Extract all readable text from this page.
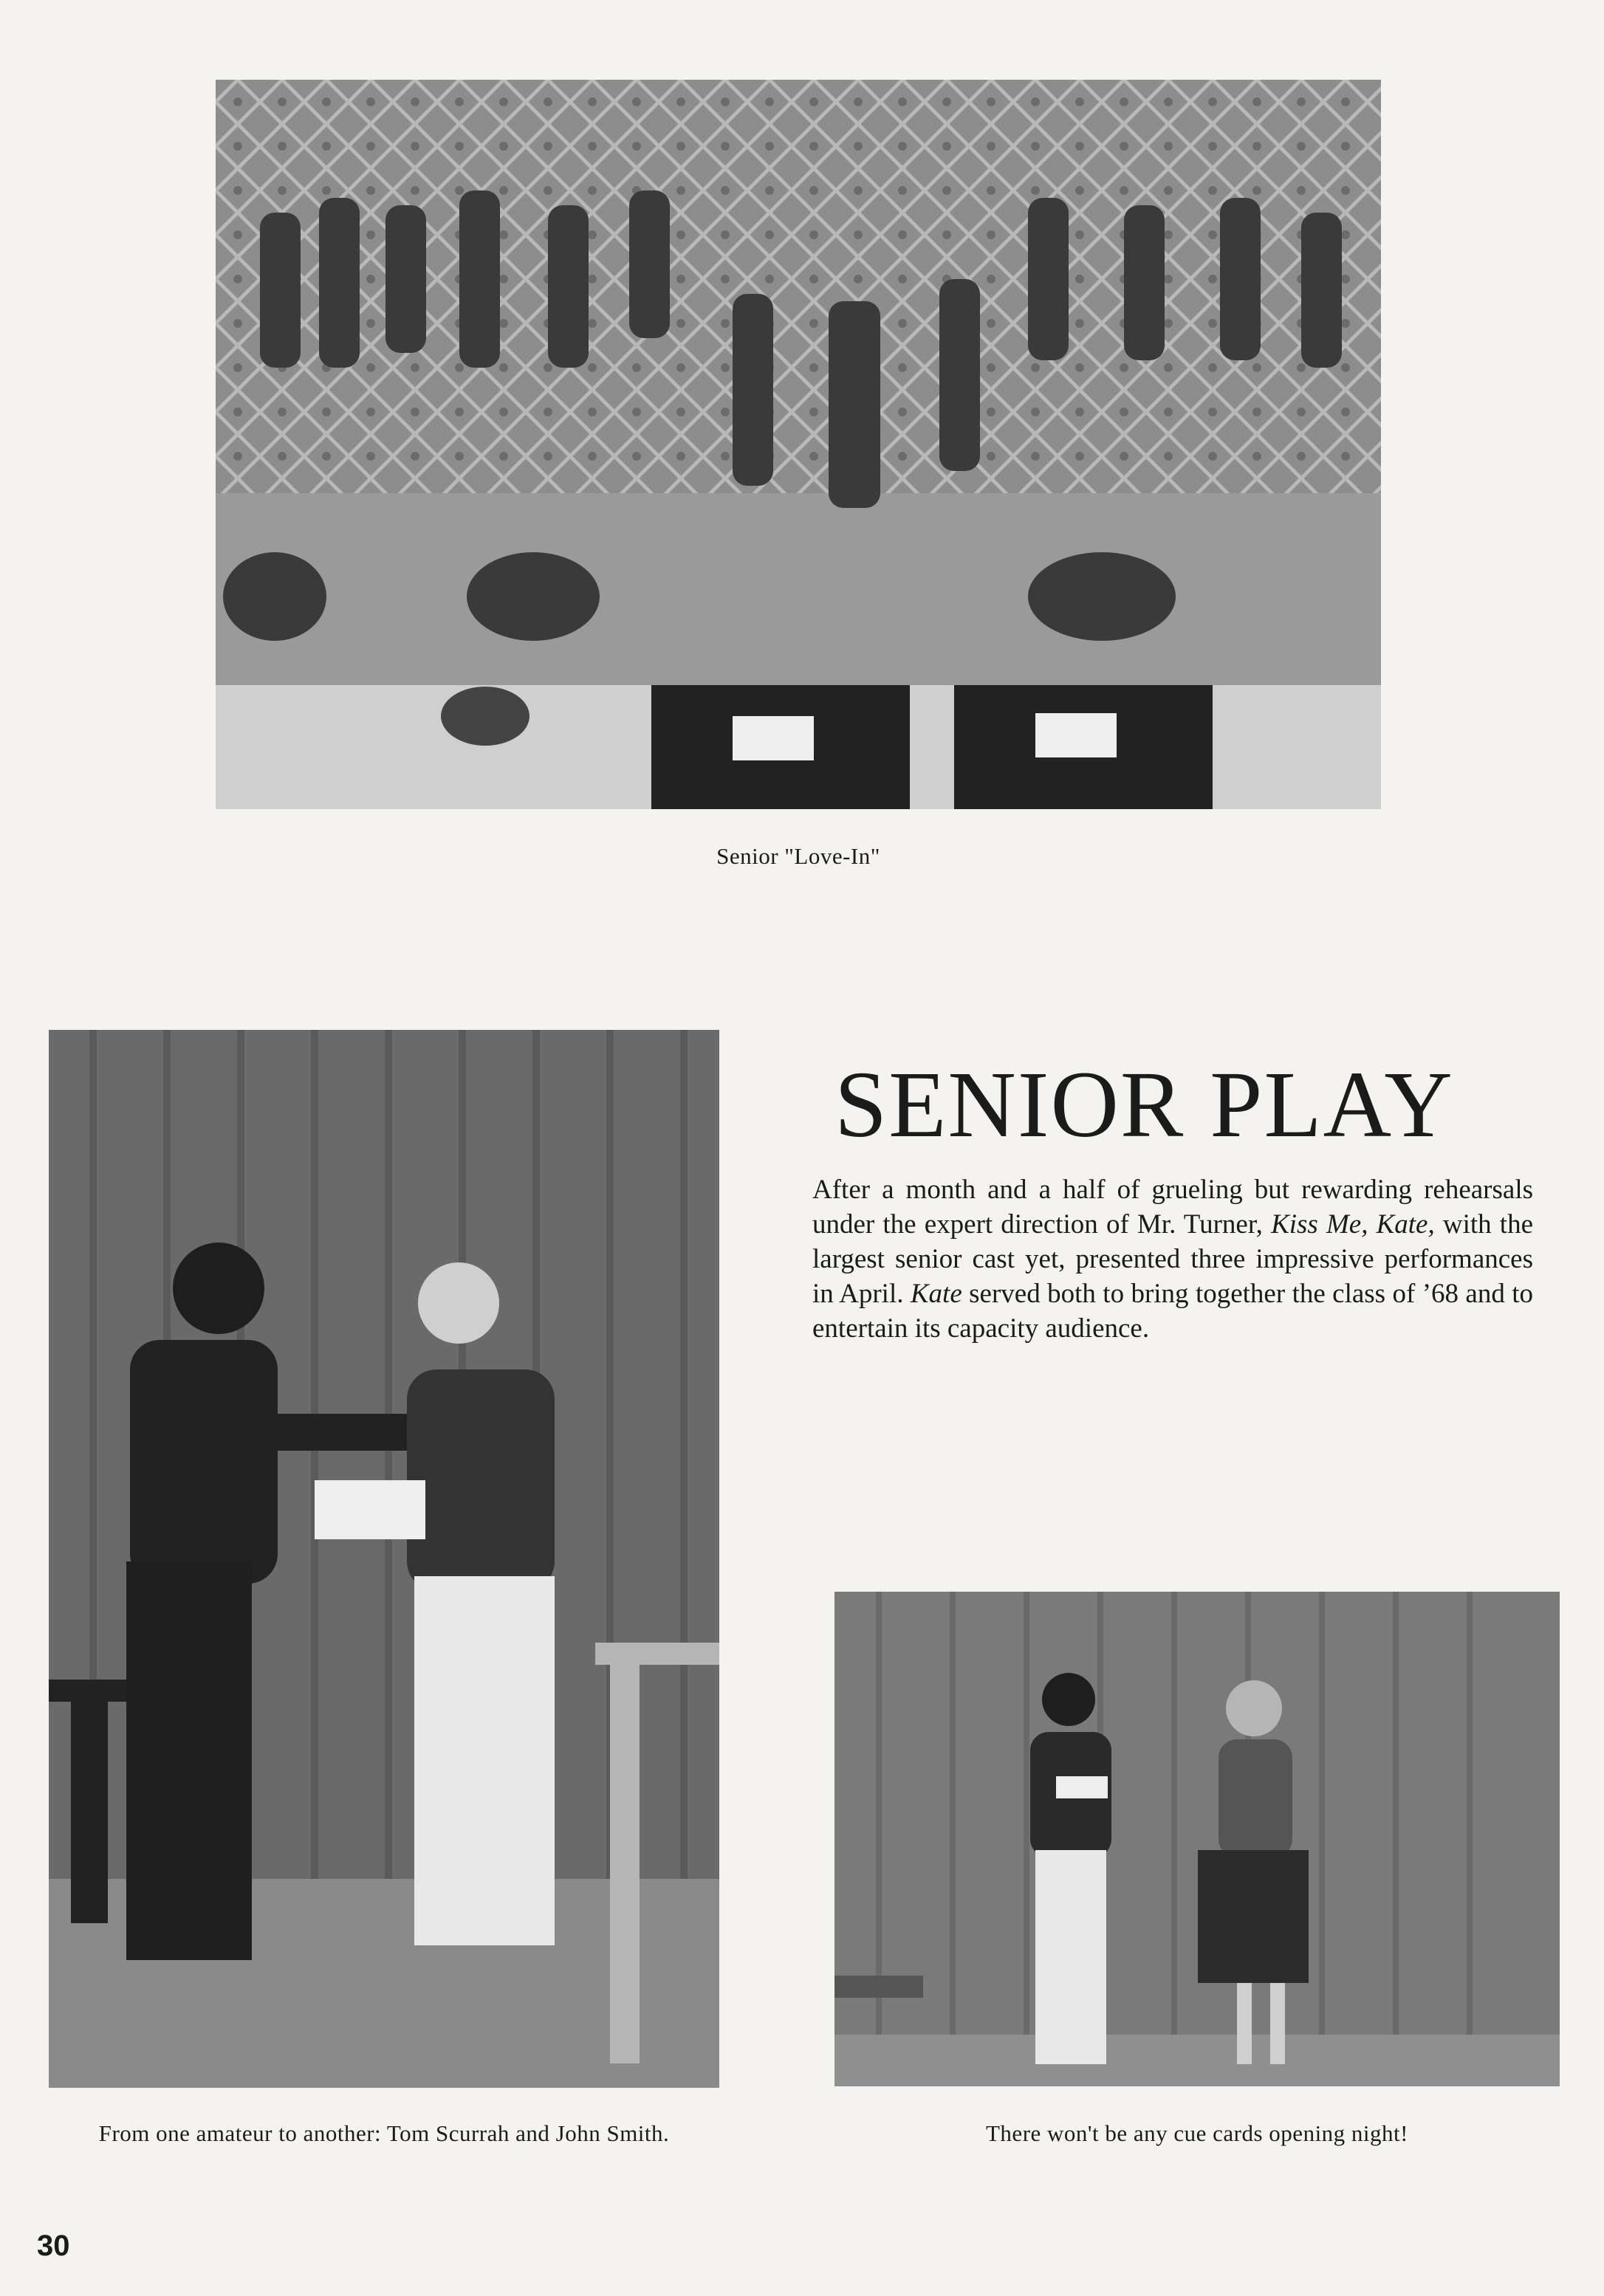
Senior "Love-In"
From one amateur to another: Tom Scurrah and John Smith.
SENIOR PLAY

After a month and a half of grueling but rewarding rehearsals under the expert direction of Mr. Turner, Kiss Me, Kate, with the largest senior cast yet, presented three impressive performances in April. Kate served both to bring together the class of ’68 and to entertain its capacity audience.

There won't be any cue cards opening night!
30
